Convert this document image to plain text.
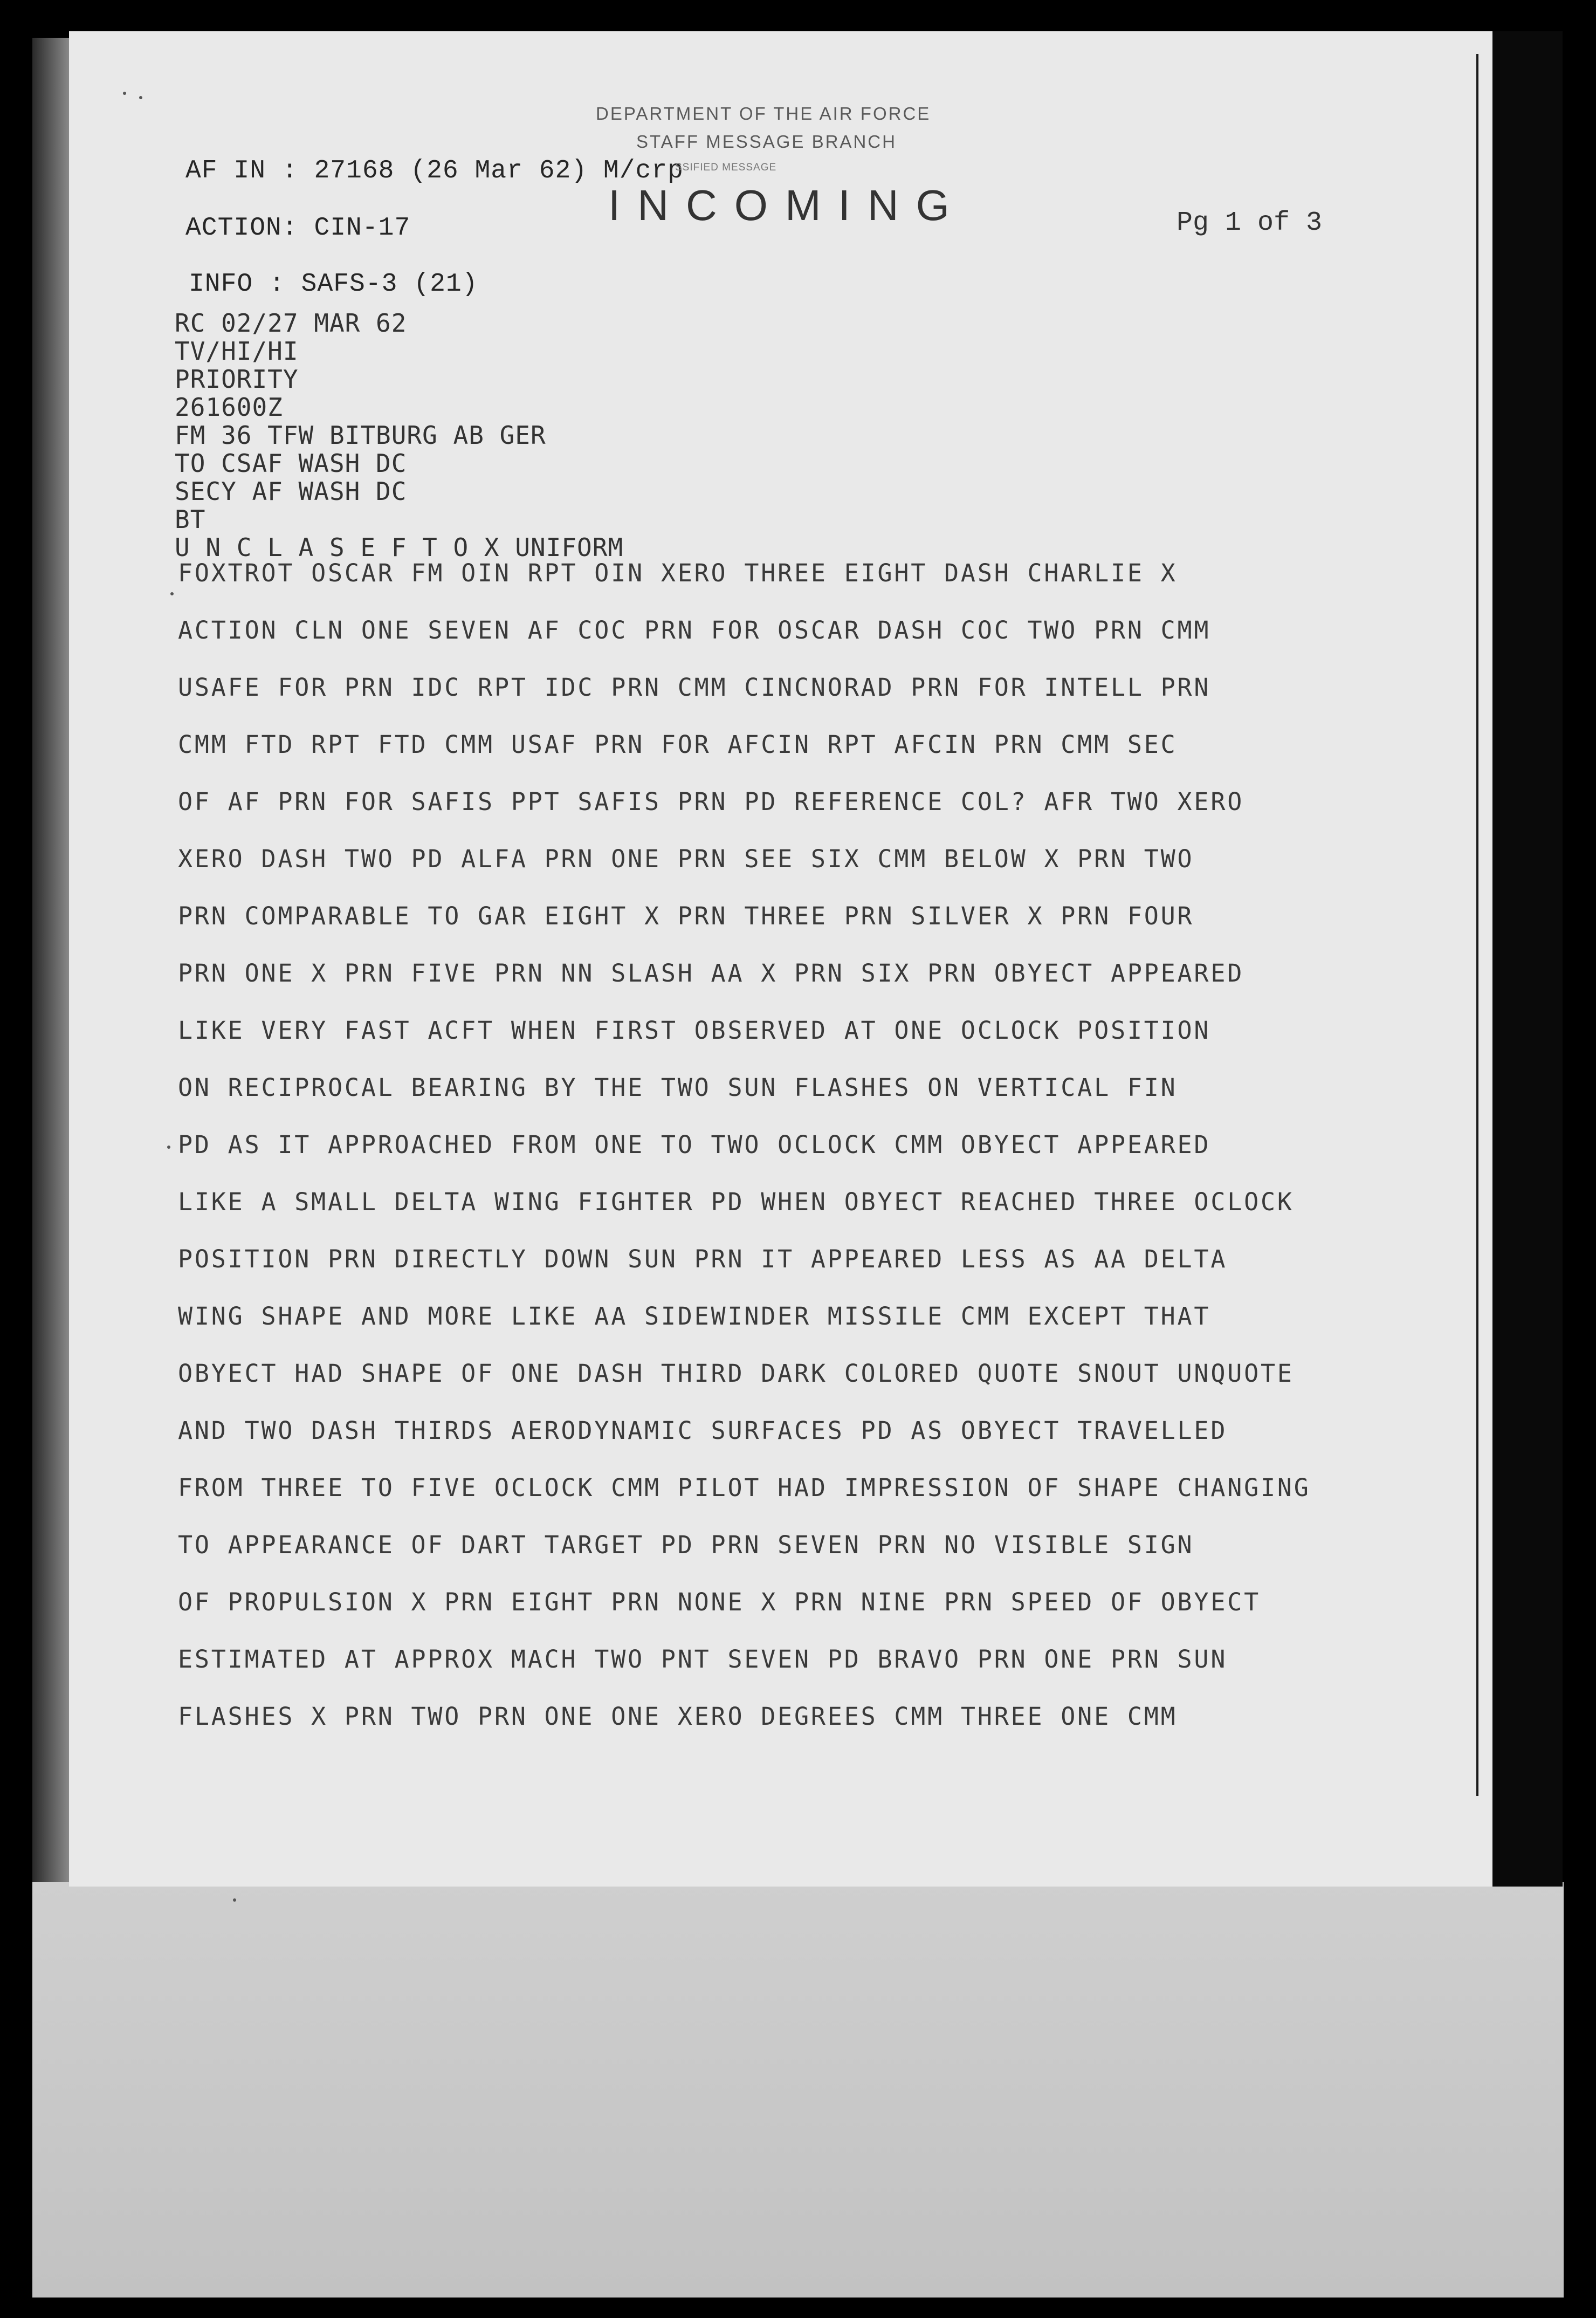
DEPARTMENT OF THE AIR FORCE
STAFF MESSAGE BRANCH
AF IN : 27168 (26 Mar 62) M/crp
SSIFIED MESSAGE
INCOMING
ACTION: CIN-17	Pg 1 of 3
INFO : SAFS-3 (21)
RC 02/27 MAR 62
TV/HI/HI
PRIORITY
261600Z
FM 36 TFW BITBURG AB GER
TO CSAF WASH DC
SECY AF WASH DC
BT
U N C L A S E F T O X UNIFORM
FOXTROT OSCAR FM OIN RPT OIN XERO THREE EIGHT DASH CHARLIE X
ACTION CLN ONE SEVEN AF COC PRN FOR OSCAR DASH COC TWO PRN CMM
USAFE FOR PRN IDC RPT IDC PRN CMM CINCNORAD PRN FOR INTELL PRN
CMM FTD RPT FTD CMM USAF PRN FOR AFCIN RPT AFCIN PRN CMM SEC
OF AF PRN FOR SAFIS PPT SAFIS PRN PD REFERENCE COL? AFR TWO XERO
XERO DASH TWO PD ALFA PRN ONE PRN SEE SIX CMM BELOW X PRN TWO
PRN COMPARABLE TO GAR EIGHT X PRN THREE PRN SILVER X PRN FOUR
PRN ONE X PRN FIVE PRN NN SLASH AA X PRN SIX PRN OBYECT APPEARED
LIKE VERY FAST ACFT WHEN FIRST OBSERVED AT ONE OCLOCK POSITION
ON RECIPROCAL BEARING BY THE TWO SUN FLASHES ON VERTICAL FIN
PD AS IT APPROACHED FROM ONE TO TWO OCLOCK CMM OBYECT APPEARED
LIKE A SMALL DELTA WING FIGHTER PD WHEN OBYECT REACHED THREE OCLOCK
POSITION PRN DIRECTLY DOWN SUN PRN IT APPEARED LESS AS AA DELTA
WING SHAPE AND MORE LIKE AA SIDEWINDER MISSILE CMM EXCEPT THAT
OBYECT HAD SHAPE OF ONE DASH THIRD DARK COLORED QUOTE SNOUT UNQUOTE
AND TWO DASH THIRDS AERODYNAMIC SURFACES PD AS OBYECT TRAVELLED
FROM THREE TO FIVE OCLOCK CMM PILOT HAD IMPRESSION OF SHAPE CHANGING
TO APPEARANCE OF DART TARGET PD PRN SEVEN PRN NO VISIBLE SIGN
OF PROPULSION X PRN EIGHT PRN NONE X PRN NINE PRN SPEED OF OBYECT
ESTIMATED AT APPROX MACH TWO PNT SEVEN PD BRAVO PRN ONE PRN SUN
FLASHES X PRN TWO PRN ONE ONE XERO DEGREES CMM THREE ONE CMM
